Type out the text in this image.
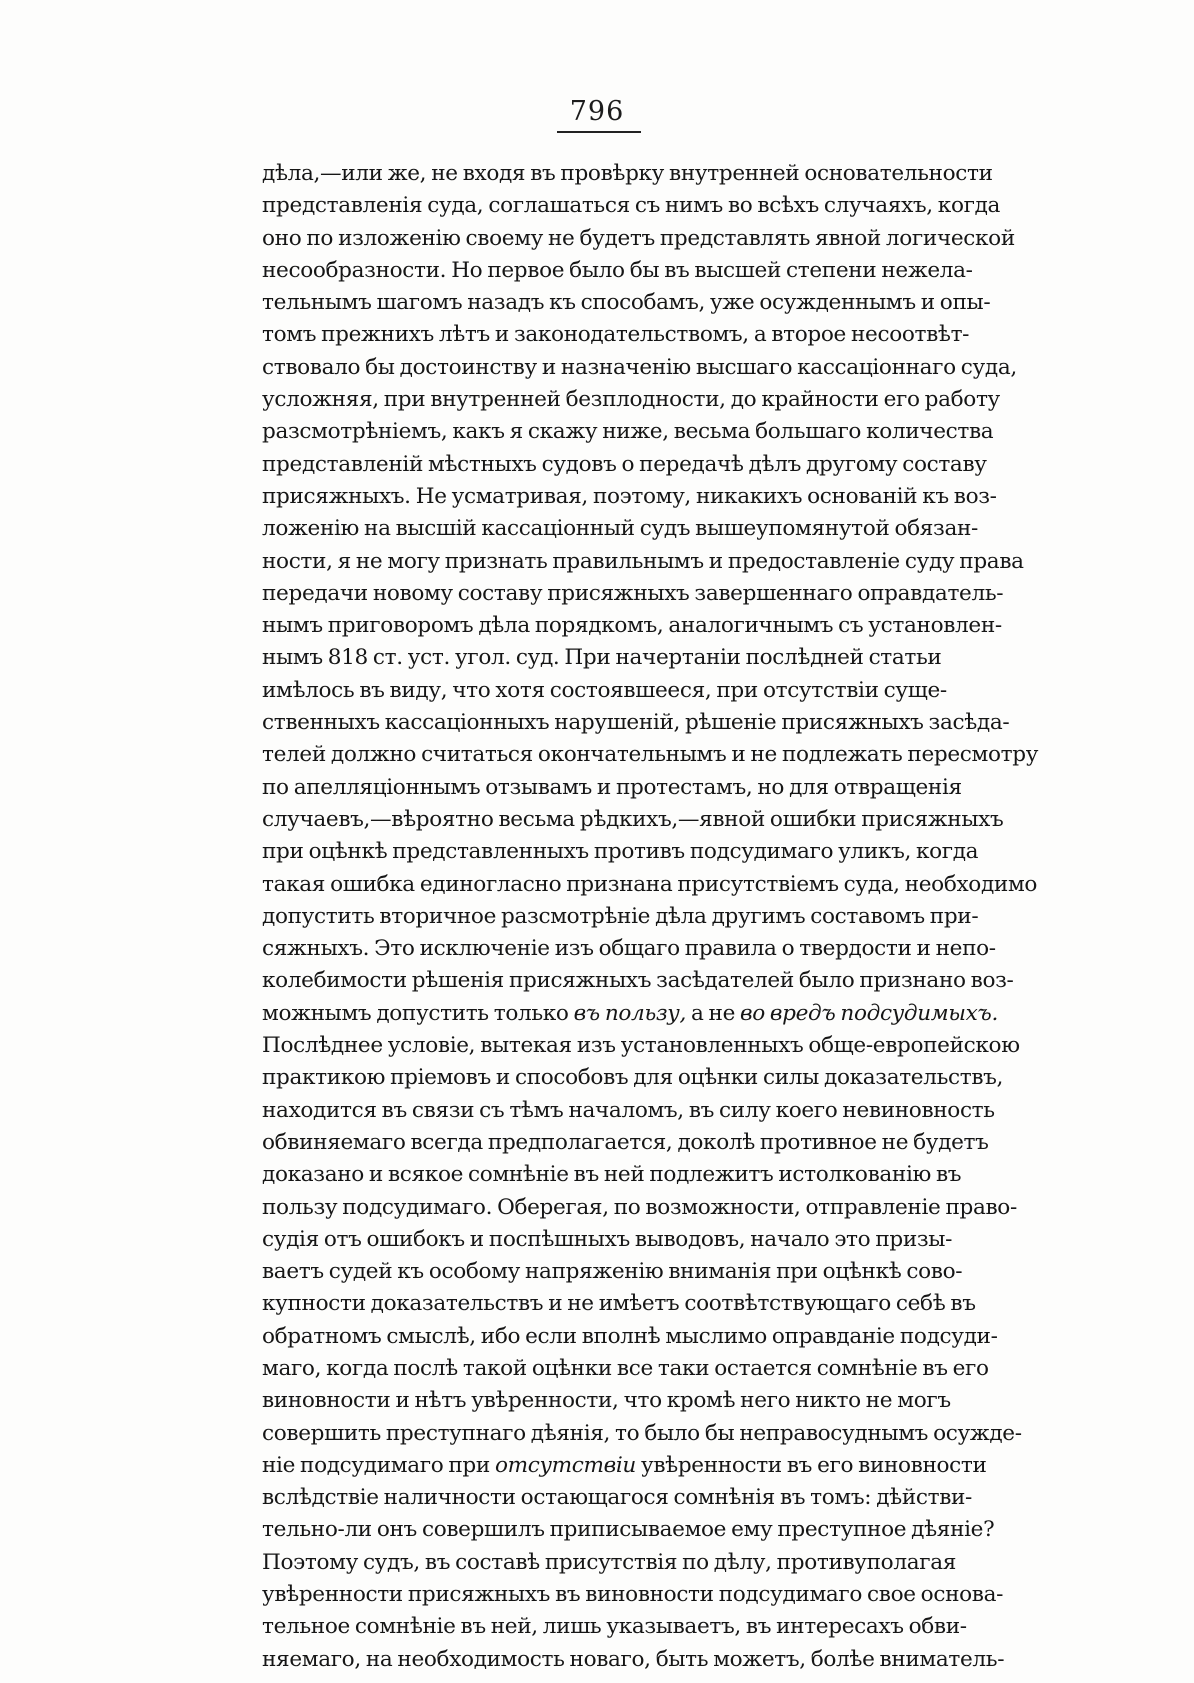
796
дѣла,—или же, не входя въ провѣрку внутренней основательности
представленія суда, соглашаться съ нимъ во всѣхъ случаяхъ, когда
оно по изложенію своему не будетъ представлять явной логической
несообразности. Но первое было бы въ высшей степени нежела-
тельнымъ шагомъ назадъ къ способамъ, уже осужденнымъ и опы-
томъ прежнихъ лѣтъ и законодательствомъ, а второе несоотвѣт-
ствовало бы достоинству и назначенію высшаго кассаціоннаго суда,
усложняя, при внутренней безплодности, до крайности его работу
разсмотрѣніемъ, какъ я скажу ниже, весьма большаго количества
представленій мѣстныхъ судовъ о передачѣ дѣлъ другому составу
присяжныхъ. Не усматривая, поэтому, никакихъ основаній къ воз-
ложенію на высшій кассаціонный судъ вышеупомянутой обязан-
ности, я не могу признать правильнымъ и предоставленіе суду права
передачи новому составу присяжныхъ завершеннаго оправдатель-
нымъ приговоромъ дѣла порядкомъ, аналогичнымъ съ установлен-
нымъ 818 ст. уст. угол. суд. При начертаніи послѣдней статьи
имѣлось въ виду, что хотя состоявшееся, при отсутствіи суще-
ственныхъ кассаціонныхъ нарушеній, рѣшеніе присяжныхъ засѣда-
телей должно считаться окончательнымъ и не подлежать пересмотру
по апелляціоннымъ отзывамъ и протестамъ, но для отвращенія
случаевъ,—вѣроятно весьма рѣдкихъ,—явной ошибки присяжныхъ
при оцѣнкѣ представленныхъ противъ подсудимаго уликъ, когда
такая ошибка единогласно признана присутствіемъ суда, необходимо
допустить вторичное разсмотрѣніе дѣла другимъ составомъ при-
сяжныхъ. Это исключеніе изъ общаго правила о твердости и непо-
колебимости рѣшенія присяжныхъ засѣдателей было признано воз-
можнымъ допустить только въ пользу, а не во вредъ подсудимыхъ.
Послѣднее условіе, вытекая изъ установленныхъ обще-европейскою
практикою пріемовъ и способовъ для оцѣнки силы доказательствъ,
находится въ связи съ тѣмъ началомъ, въ силу коего невиновность
обвиняемаго всегда предполагается, доколѣ противное не будетъ
доказано и всякое сомнѣніе въ ней подлежитъ истолкованію въ
пользу подсудимаго. Оберегая, по возможности, отправленіе право-
судія отъ ошибокъ и поспѣшныхъ выводовъ, начало это призы-
ваетъ судей къ особому напряженію вниманія при оцѣнкѣ сово-
купности доказательствъ и не имѣетъ соотвѣтствующаго себѣ въ
обратномъ смыслѣ, ибо если вполнѣ мыслимо оправданіе подсуди-
маго, когда послѣ такой оцѣнки все таки остается сомнѣніе въ его
виновности и нѣтъ увѣренности, что кромѣ него никто не могъ
совершить преступнаго дѣянія, то было бы неправосуднымъ осужде-
ніе подсудимаго при отсутствіи увѣренности въ его виновности
вслѣдствіе наличности остающагося сомнѣнія въ томъ: дѣйстви-
тельно-ли онъ совершилъ приписываемое ему преступное дѣяніе?
Поэтому судъ, въ составѣ присутствія по дѣлу, противуполагая
увѣренности присяжныхъ въ виновности подсудимаго свое основа-
тельное сомнѣніе въ ней, лишь указываетъ, въ интересахъ обви-
няемаго, на необходимость новаго, быть можетъ, болѣе вниматель-
